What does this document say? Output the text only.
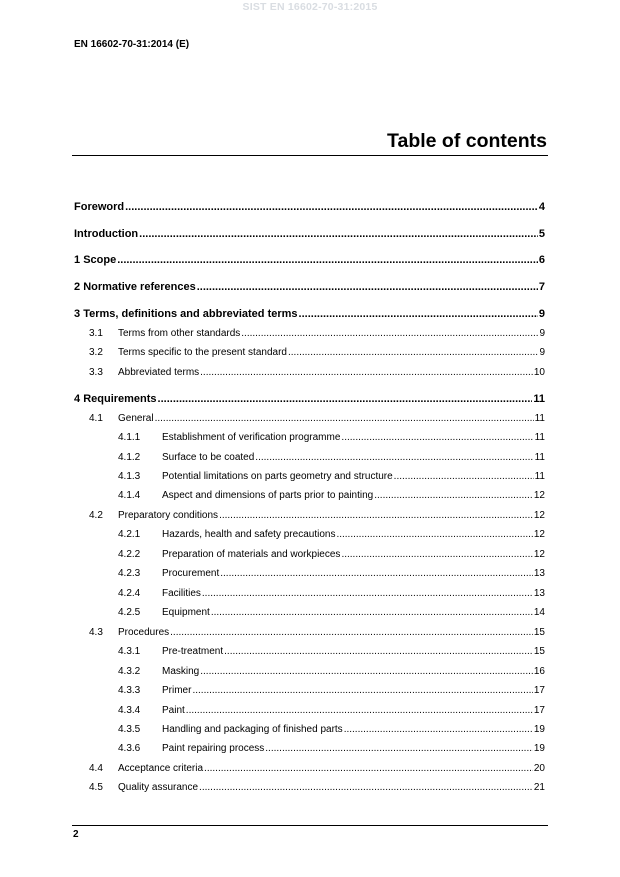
SIST EN 16602-70-31:2015
EN 16602-70-31:2014 (E)
Table of contents
Foreword .....	4
Introduction .....	5
1 Scope .....	6
2 Normative references .....	7
3 Terms, definitions and abbreviated terms .....	9
3.1 Terms from other standards .....	9
3.2 Terms specific to the present standard .....	9
3.3 Abbreviated terms .....	10
4 Requirements .....	11
4.1 General .....	11
4.1.1 Establishment of verification programme .....	11
4.1.2 Surface to be coated .....	11
4.1.3 Potential limitations on parts geometry and structure .....	11
4.1.4 Aspect and dimensions of parts prior to painting .....	12
4.2 Preparatory conditions .....	12
4.2.1 Hazards, health and safety precautions .....	12
4.2.2 Preparation of materials and workpieces .....	12
4.2.3 Procurement .....	13
4.2.4 Facilities .....	13
4.2.5 Equipment .....	14
4.3 Procedures .....	15
4.3.1 Pre-treatment .....	15
4.3.2 Masking .....	16
4.3.3 Primer .....	17
4.3.4 Paint .....	17
4.3.5 Handling and packaging of finished parts .....	19
4.3.6 Paint repairing process .....	19
4.4 Acceptance criteria .....	20
4.5 Quality assurance .....	21
2
